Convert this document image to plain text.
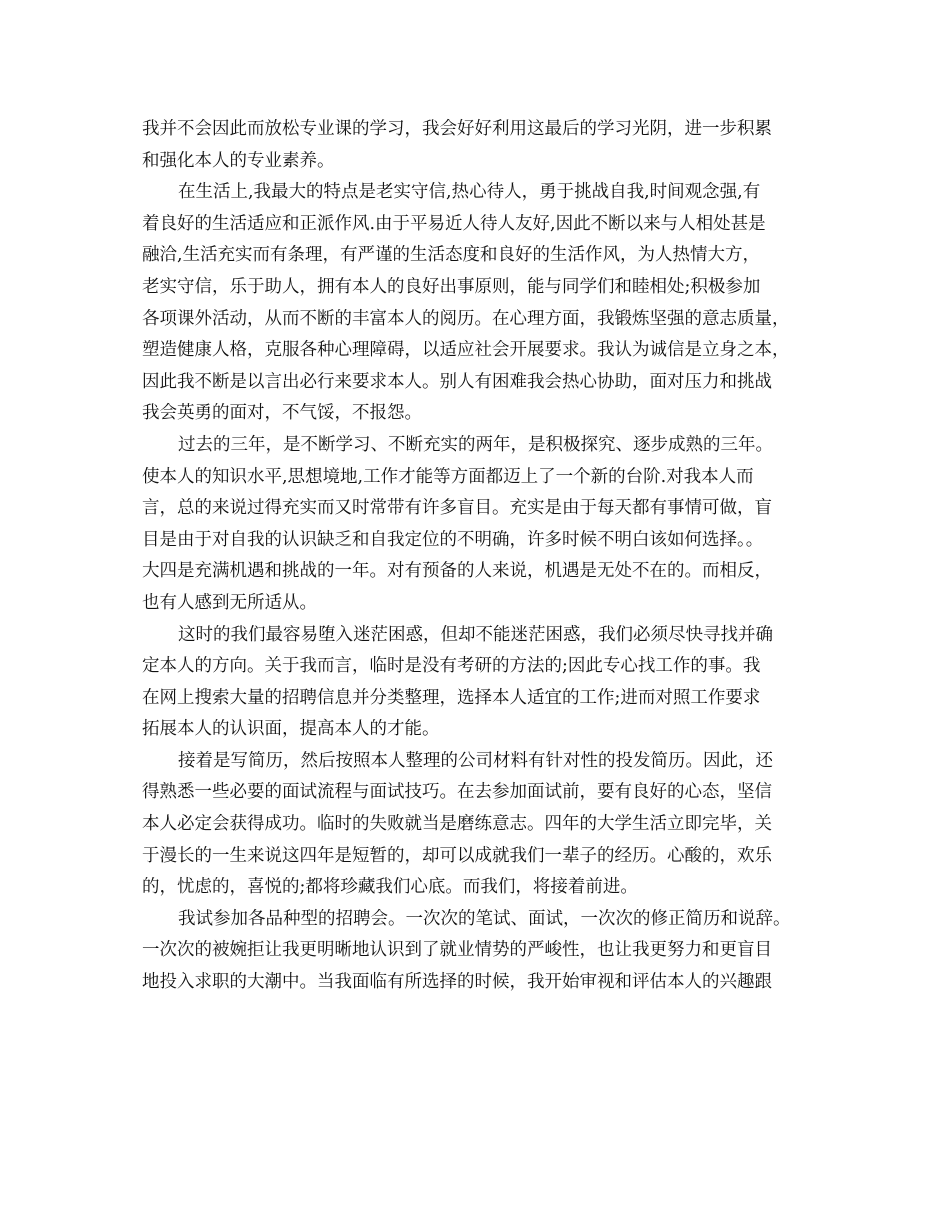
我并不会因此而放松专业课的学习，我会好好利用这最后的学习光阴，进一步积累
和强化本人的专业素养。
在生活上,我最大的特点是老实守信,热心待人，勇于挑战自我,时间观念强,有
着良好的生活适应和正派作风.由于平易近人待人友好,因此不断以来与人相处甚是
融洽,生活充实而有条理，有严谨的生活态度和良好的生活作风，为人热情大方，
老实守信，乐于助人，拥有本人的良好出事原则，能与同学们和睦相处;积极参加
各项课外活动，从而不断的丰富本人的阅历。在心理方面，我锻炼坚强的意志质量，
塑造健康人格，克服各种心理障碍，以适应社会开展要求。我认为诚信是立身之本，
因此我不断是以言出必行来要求本人。别人有困难我会热心协助，面对压力和挑战
我会英勇的面对，不气馁，不报怨。
过去的三年，是不断学习、不断充实的两年，是积极探究、逐步成熟的三年。
使本人的知识水平,思想境地,工作才能等方面都迈上了一个新的台阶.对我本人而
言，总的来说过得充实而又时常带有许多盲目。充实是由于每天都有事情可做，盲
目是由于对自我的认识缺乏和自我定位的不明确，许多时候不明白该如何选择。。
大四是充满机遇和挑战的一年。对有预备的人来说，机遇是无处不在的。而相反，
也有人感到无所适从。
这时的我们最容易堕入迷茫困惑，但却不能迷茫困惑，我们必须尽快寻找并确
定本人的方向。关于我而言，临时是没有考研的方法的;因此专心找工作的事。我
在网上搜索大量的招聘信息并分类整理，选择本人适宜的工作;进而对照工作要求
拓展本人的认识面，提高本人的才能。
接着是写简历，然后按照本人整理的公司材料有针对性的投发简历。因此，还
得熟悉一些必要的面试流程与面试技巧。在去参加面试前，要有良好的心态，坚信
本人必定会获得成功。临时的失败就当是磨练意志。四年的大学生活立即完毕，关
于漫长的一生来说这四年是短暂的，却可以成就我们一辈子的经历。心酸的，欢乐
的，忧虑的，喜悦的;都将珍藏我们心底。而我们，将接着前进。
我试参加各品种型的招聘会。一次次的笔试、面试，一次次的修正简历和说辞。
一次次的被婉拒让我更明晰地认识到了就业情势的严峻性，也让我更努力和更盲目
地投入求职的大潮中。当我面临有所选择的时候，我开始审视和评估本人的兴趣跟
